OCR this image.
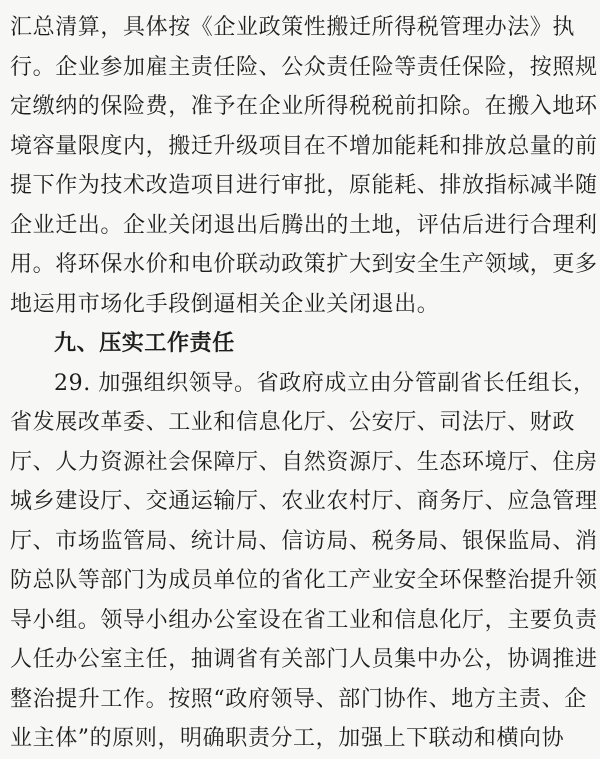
汇总清算，具体按《企业政策性搬迁所得税管理办法》执
行。企业参加雇主责任险、公众责任险等责任保险，按照规
定缴纳的保险费，准予在企业所得税税前扣除。在搬入地环
境容量限度内，搬迁升级项目在不增加能耗和排放总量的前
提下作为技术改造项目进行审批，原能耗、排放指标减半随
企业迁出。企业关闭退出后腾出的土地，评估后进行合理利
用。将环保水价和电价联动政策扩大到安全生产领域，更多
地运用市场化手段倒逼相关企业关闭退出。
九、压实工作责任
29. 加强组织领导。省政府成立由分管副省长任组长，
省发展改革委、工业和信息化厅、公安厅、司法厅、财政
厅、人力资源社会保障厅、自然资源厅、生态环境厅、住房
城乡建设厅、交通运输厅、农业农村厅、商务厅、应急管理
厅、市场监管局、统计局、信访局、税务局、银保监局、消
防总队等部门为成员单位的省化工产业安全环保整治提升领
导小组。领导小组办公室设在省工业和信息化厅，主要负责
人任办公室主任，抽调省有关部门人员集中办公，协调推进
整治提升工作。按照“政府领导、部门协作、地方主责、企
业主体”的原则，明确职责分工，加强上下联动和横向协
